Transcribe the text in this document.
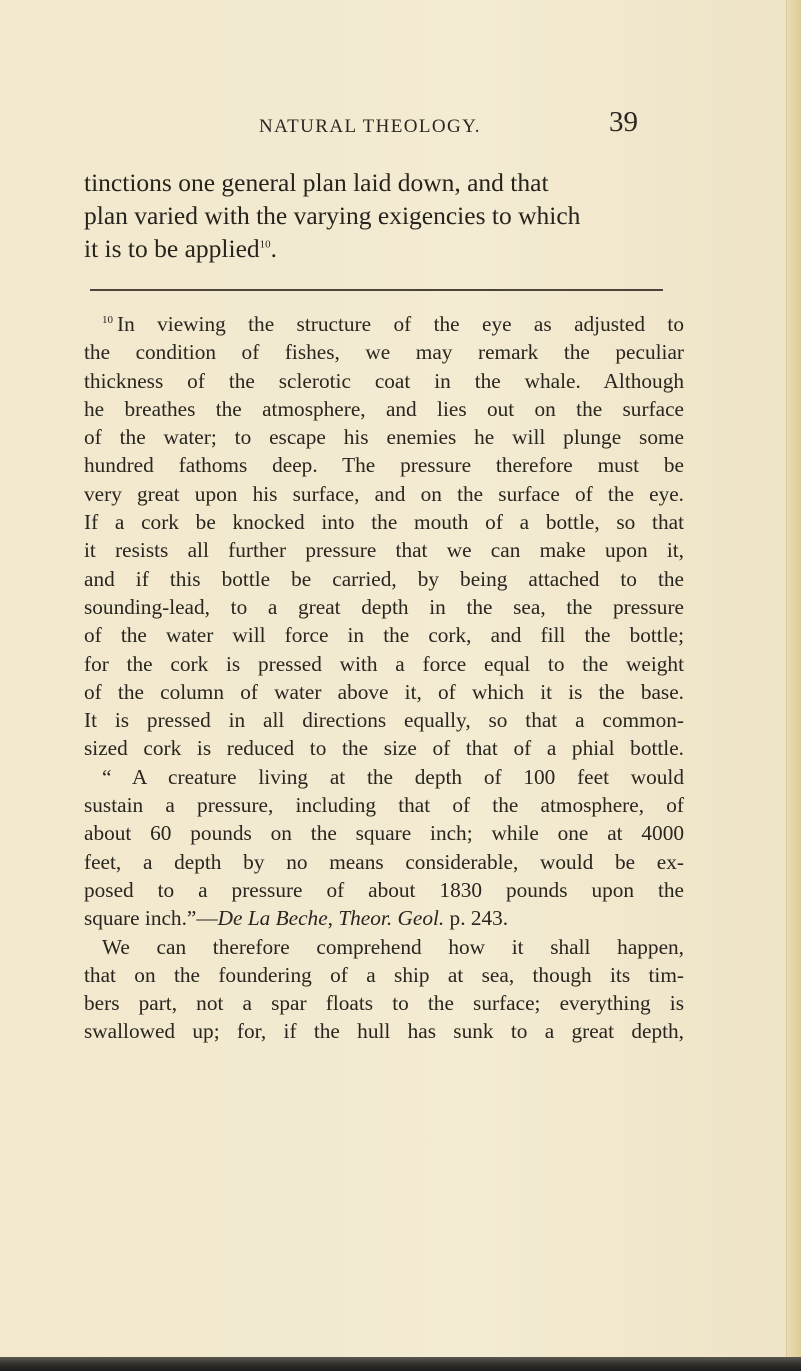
NATURAL THEOLOGY.	39
tinctions one general plan laid down, and that
plan varied with the varying exigencies to which
it is to be applied$^{10}$.
$^{10}$ In viewing the structure of the eye as adjusted to
the condition of fishes, we may remark the peculiar
thickness of the sclerotic coat in the whale. Although
he breathes the atmosphere, and lies out on the surface
of the water; to escape his enemies he will plunge some
hundred fathoms deep. The pressure therefore must be
very great upon his surface, and on the surface of the eye.
If a cork be knocked into the mouth of a bottle, so that
it resists all further pressure that we can make upon it,
and if this bottle be carried, by being attached to the
sounding-lead, to a great depth in the sea, the pressure
of the water will force in the cork, and fill the bottle;
for the cork is pressed with a force equal to the weight
of the column of water above it, of which it is the base.
It is pressed in all directions equally, so that a common-
sized cork is reduced to the size of that of a phial bottle.
“ A creature living at the depth of 100 feet would
sustain a pressure, including that of the atmosphere, of
about 60 pounds on the square inch; while one at 4000
feet, a depth by no means considerable, would be ex-
posed to a pressure of about 1830 pounds upon the
square inch.”—De La Beche, Theor. Geol. p. 243.
We can therefore comprehend how it shall happen,
that on the foundering of a ship at sea, though its tim-
bers part, not a spar floats to the surface; everything is
swallowed up; for, if the hull has sunk to a great depth,
